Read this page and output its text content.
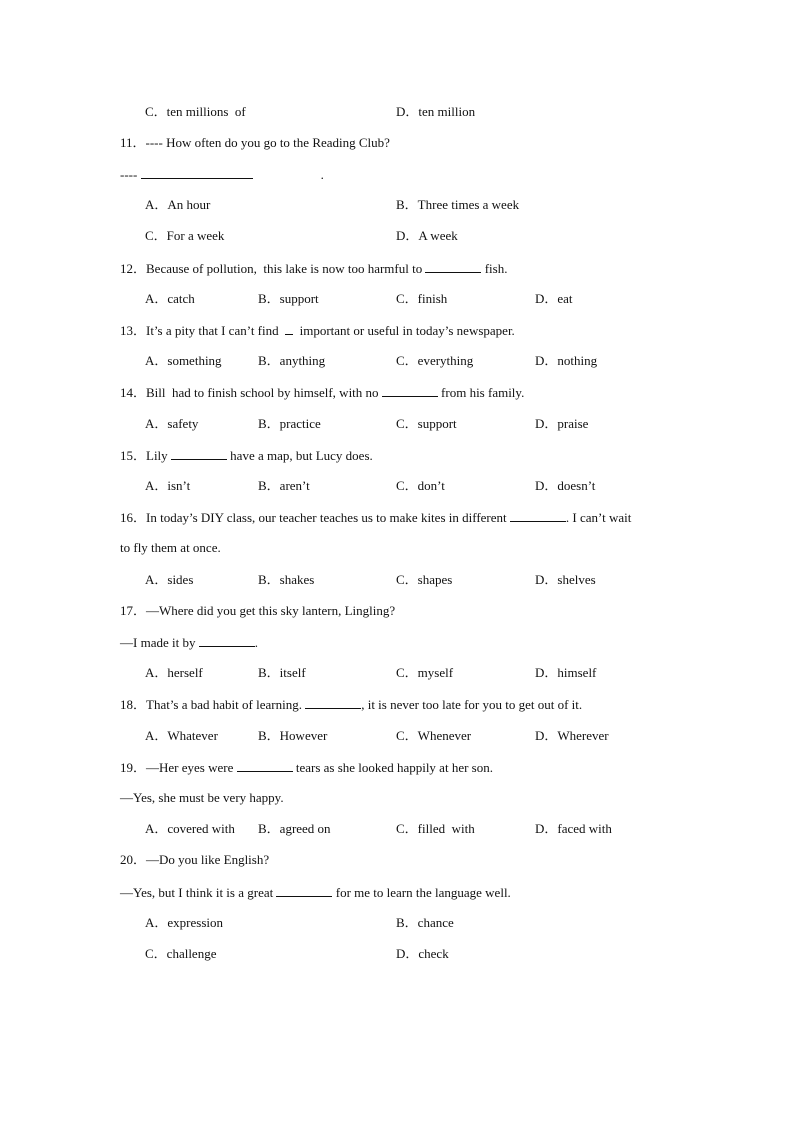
C．ten millions  of	D．ten million
11．---- How often do you go to the Reading Club?
----	.
A．An hour	B．Three times a week
C．For a week	D．A week
12．Because of pollution,  this lake is now too harmful to	fish.
A．catch	B．support	C．finish	D．eat
13．It’s a pity that I can’t find    important or useful in today’s newspaper.
A．something	B．anything	C．everything	D．nothing
14．Bill  had to finish school by himself, with no	from his family.
A．safety	B．practice	C．support	D．praise
15．Lily	have a map, but Lucy does.
A．isn’t	B．aren’t	C．don’t	D．doesn’t
16．In today’s DIY class, our teacher teaches us to make kites in different	. I can’t wait
to fly them at once.
A．sides	B．shakes	C．shapes	D．shelves
17．—Where did you get this sky lantern, Lingling?
—I made it by	.
A．herself	B．itself	C．myself	D．himself
18．That’s a bad habit of learning.	, it is never too late for you to get out of it.
A．Whatever	B．However	C．Whenever	D．Wherever
19．—Her eyes were	tears as she looked happily at her son.
—Yes, she must be very happy.
A．covered with B．agreed on	C．filled  with	D．faced with
20．—Do you like English?
—Yes, but I think it is a great	for me to learn the language well.
A．expression	B．chance
C．challenge	D．check
